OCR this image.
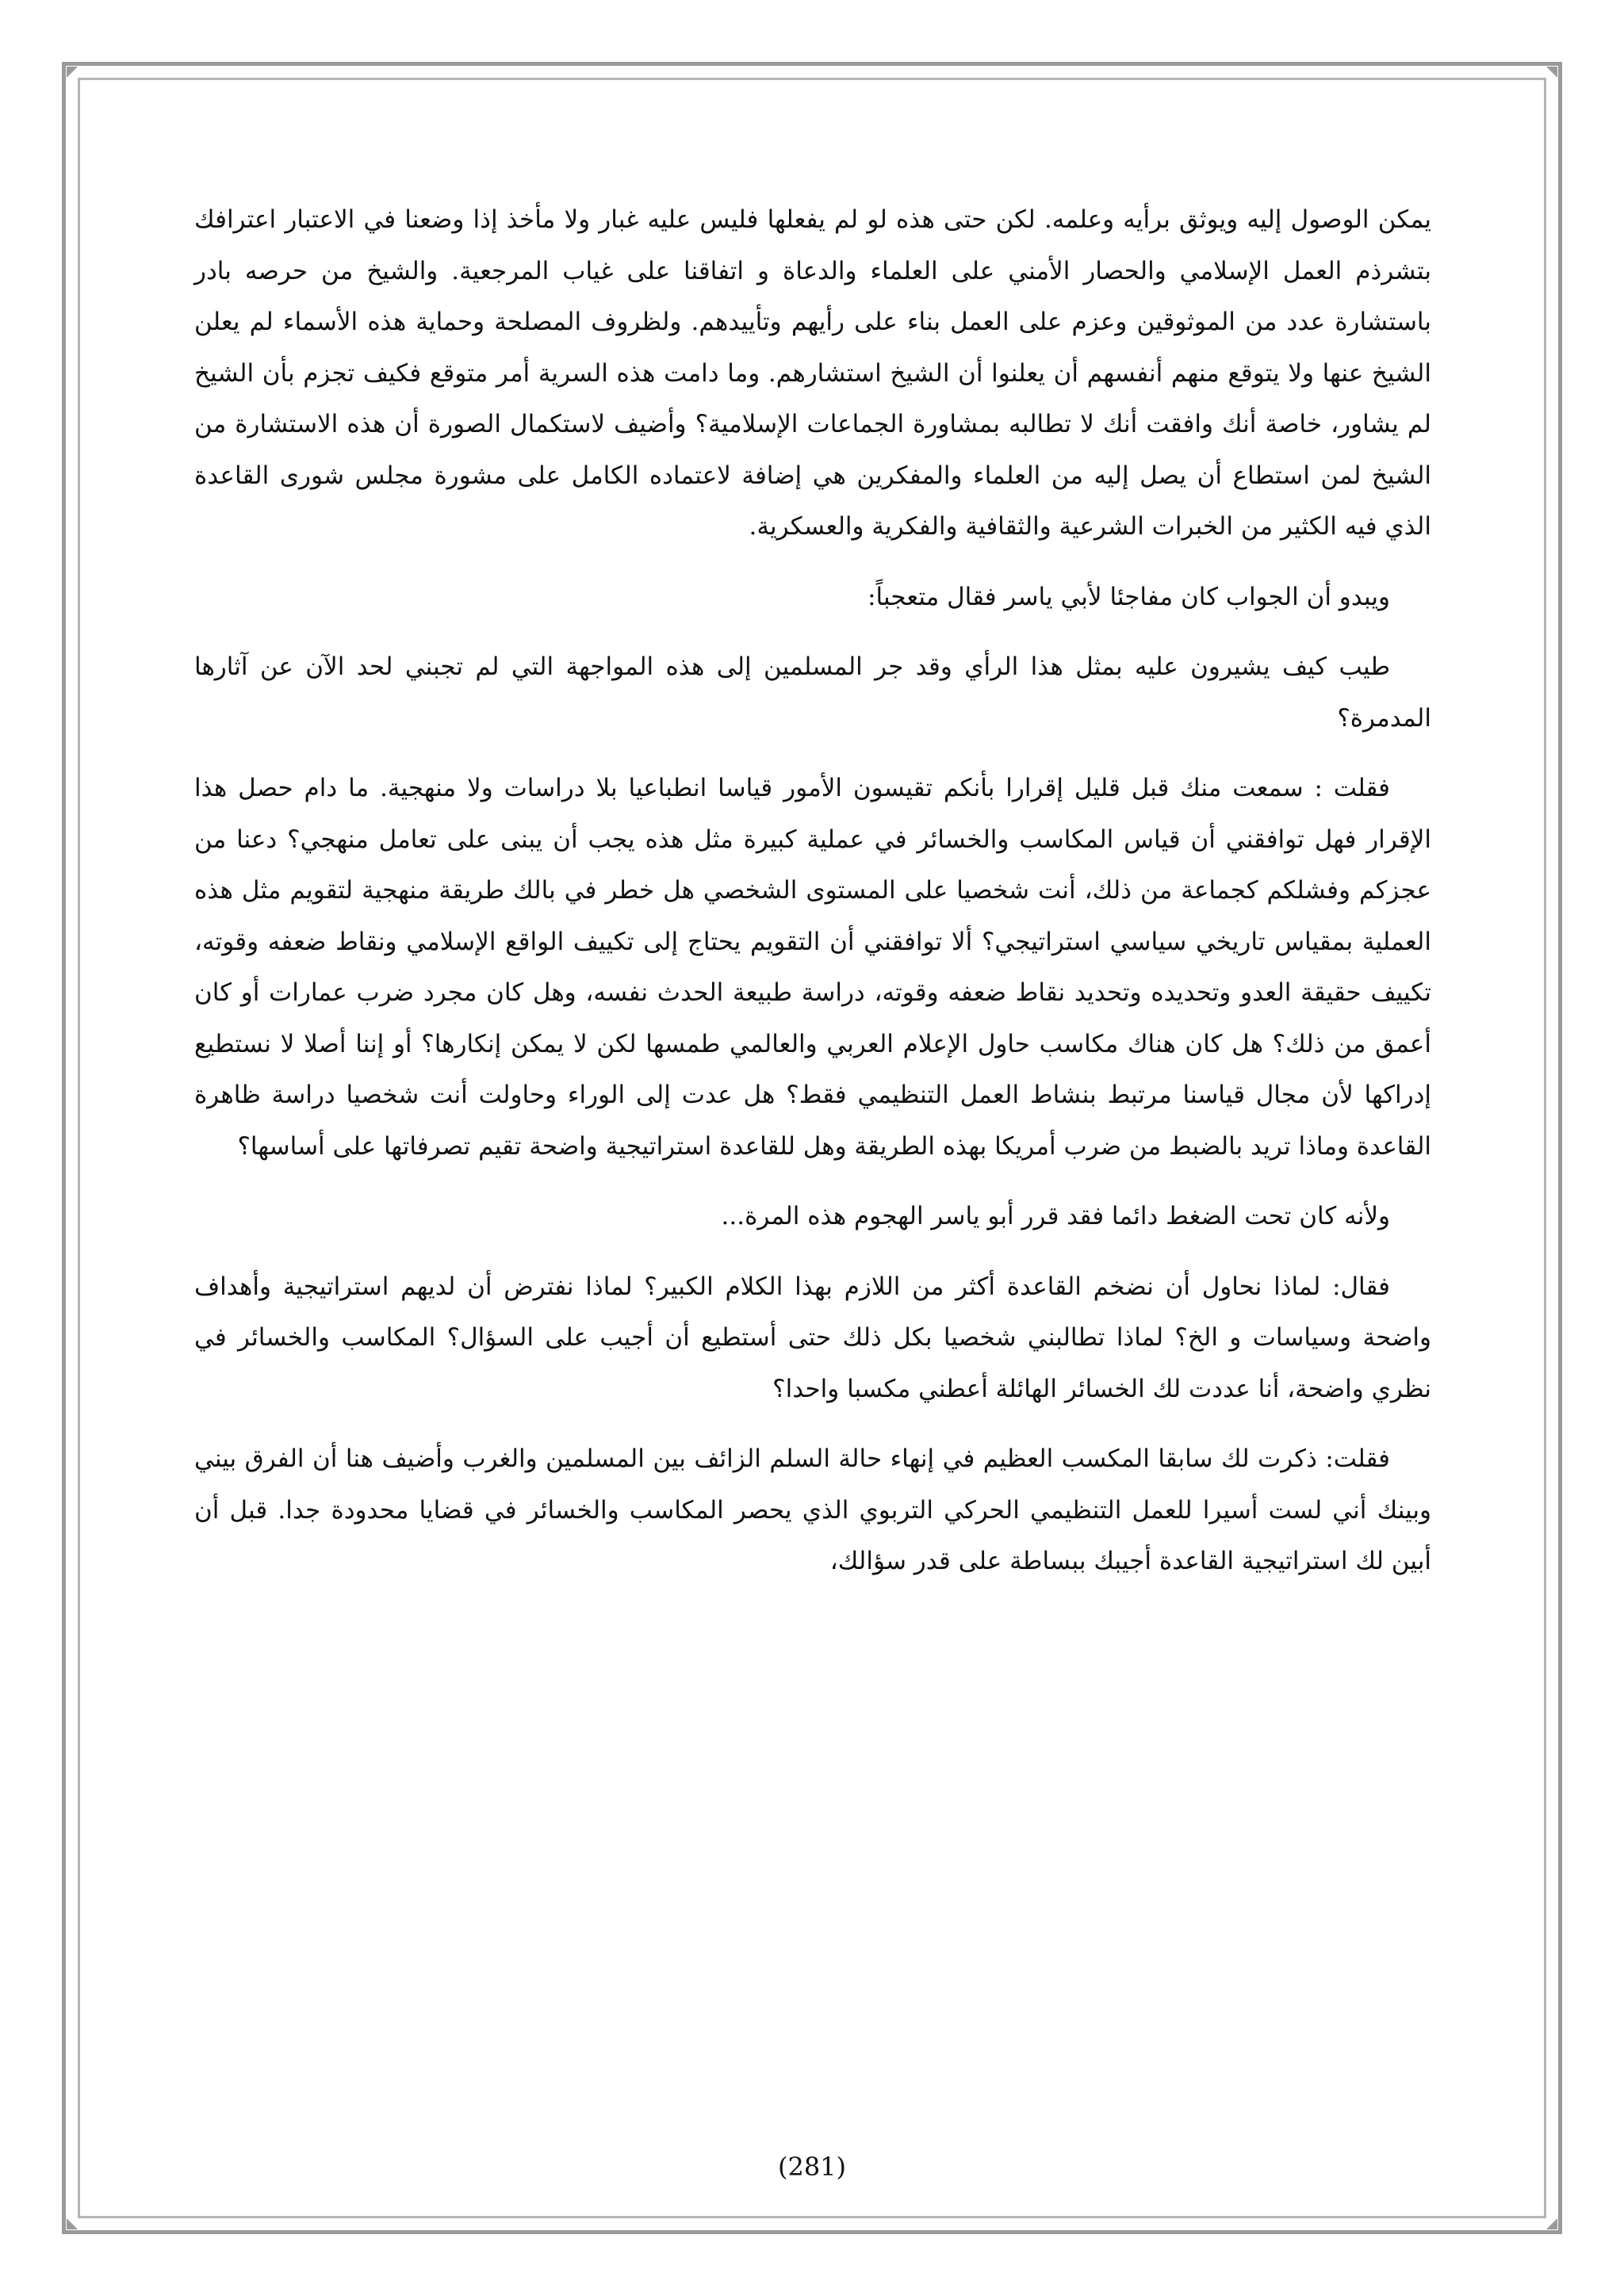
يمكن الوصول إليه ويوثق برأيه وعلمه. لكن حتى هذه لو لم يفعلها فليس عليه غبار ولا مأخذ إذا وضعنا في الاعتبار اعترافك بتشرذم العمل الإسلامي والحصار الأمني على العلماء والدعاة و اتفاقنا على غياب المرجعية. والشيخ من حرصه بادر باستشارة عدد من الموثوقين وعزم على العمل بناء على رأيهم وتأييدهم. ولظروف المصلحة وحماية هذه الأسماء لم يعلن الشيخ عنها ولا يتوقع منهم أنفسهم أن يعلنوا أن الشيخ استشارهم. وما دامت هذه السرية أمر متوقع فكيف تجزم بأن الشيخ لم يشاور، خاصة أنك وافقت أنك لا تطالبه بمشاورة الجماعات الإسلامية؟ وأضيف لاستكمال الصورة أن هذه الاستشارة من الشيخ لمن استطاع أن يصل إليه من العلماء والمفكرين هي إضافة لاعتماده الكامل على مشورة مجلس شورى القاعدة الذي فيه الكثير من الخبرات الشرعية والثقافية والفكرية والعسكرية.

ويبدو أن الجواب كان مفاجئا لأبي ياسر فقال متعجباً:

طيب كيف يشيرون عليه بمثل هذا الرأي وقد جر المسلمين إلى هذه المواجهة التي لم تجبني لحد الآن عن آثارها المدمرة؟

فقلت : سمعت منك قبل قليل إقرارا بأنكم تقيسون الأمور قياسا انطباعيا بلا دراسات ولا منهجية. ما دام حصل هذا الإقرار فهل توافقني أن قياس المكاسب والخسائر في عملية كبيرة مثل هذه يجب أن يبنى على تعامل منهجي؟ دعنا من عجزكم وفشلكم كجماعة من ذلك، أنت شخصيا على المستوى الشخصي هل خطر في بالك طريقة منهجية لتقويم مثل هذه العملية بمقياس تاريخي سياسي استراتيجي؟ ألا توافقني أن التقويم يحتاج إلى تكييف الواقع الإسلامي ونقاط ضعفه وقوته، تكييف حقيقة العدو وتحديده وتحديد نقاط ضعفه وقوته، دراسة طبيعة الحدث نفسه، وهل كان مجرد ضرب عمارات أو كان أعمق من ذلك؟ هل كان هناك مكاسب حاول الإعلام العربي والعالمي طمسها لكن لا يمكن إنكارها؟ أو إننا أصلا لا نستطيع إدراكها لأن مجال قياسنا مرتبط بنشاط العمل التنظيمي فقط؟ هل عدت إلى الوراء وحاولت أنت شخصيا دراسة ظاهرة القاعدة وماذا تريد بالضبط من ضرب أمريكا بهذه الطريقة وهل للقاعدة استراتيجية واضحة تقيم تصرفاتها على أساسها؟

ولأنه كان تحت الضغط دائما فقد قرر أبو ياسر الهجوم هذه المرة...

فقال: لماذا نحاول أن نضخم القاعدة أكثر من اللازم بهذا الكلام الكبير؟ لماذا نفترض أن لديهم استراتيجية وأهداف واضحة وسياسات و الخ؟ لماذا تطالبني شخصيا بكل ذلك حتى أستطيع أن أجيب على السؤال؟ المكاسب والخسائر في نظري واضحة، أنا عددت لك الخسائر الهائلة أعطني مكسبا واحدا؟

فقلت: ذكرت لك سابقا المكسب العظيم في إنهاء حالة السلم الزائف بين المسلمين والغرب وأضيف هنا أن الفرق بيني وبينك أني لست أسيرا للعمل التنظيمي الحركي التربوي الذي يحصر المكاسب والخسائر في قضايا محدودة جدا. قبل أن أبين لك استراتيجية القاعدة أجيبك ببساطة على قدر سؤالك،

(281)
